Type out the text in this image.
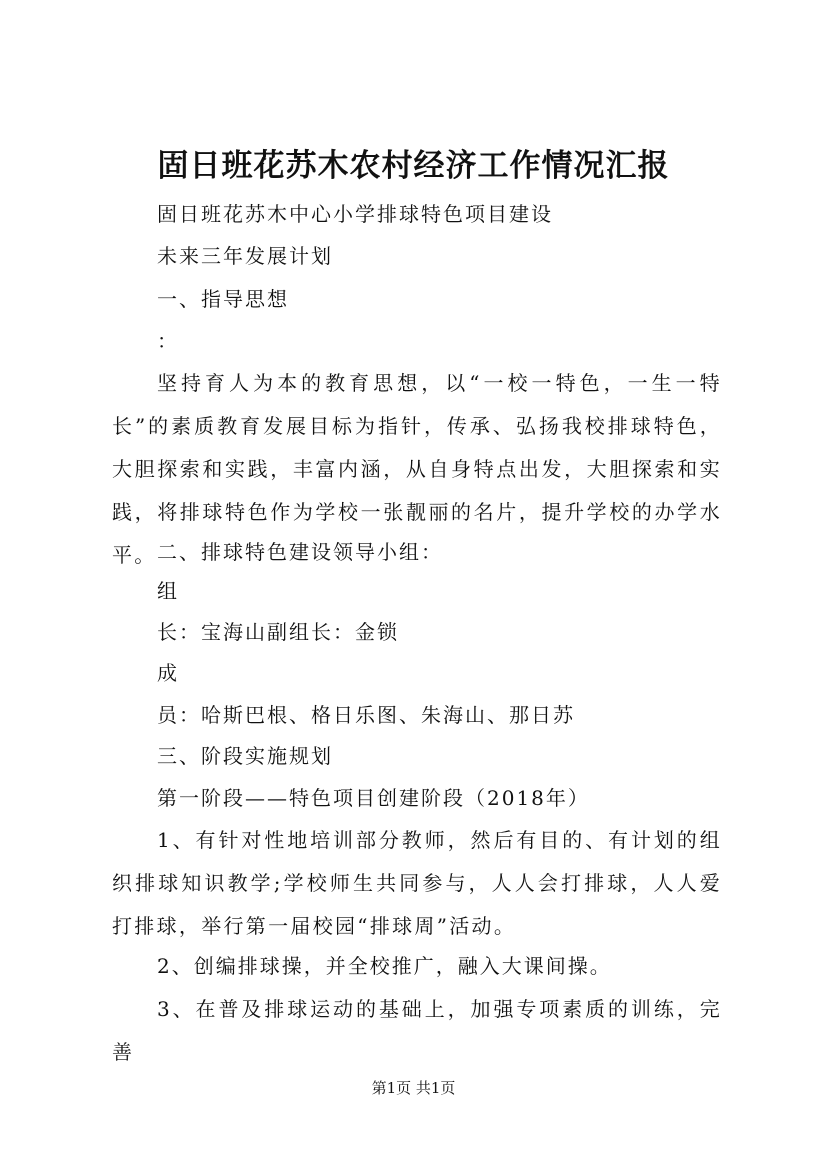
固日班花苏木农村经济工作情况汇报

固日班花苏木中心小学排球特色项目建设

未来三年发展计划

一、指导思想

：

坚持育人为本的教育思想，以“一校一特色，一生一特长”的素质教育发展目标为指针，传承、弘扬我校排球特色，大胆探索和实践，丰富内涵，从自身特点出发，大胆探索和实践，将排球特色作为学校一张靓丽的名片，提升学校的办学水平。 二、排球特色建设领导小组：

组

长：宝海山副组长：金锁

成

员：哈斯巴根、格日乐图、朱海山、那日苏

三、阶段实施规划

第一阶段——特色项目创建阶段（2018年）

1、有针对性地培训部分教师，然后有目的、有计划的组织排球知识教学;学校师生共同参与，人人会打排球，人人爱打排球，举行第一届校园“排球周”活动。

2、创编排球操，并全校推广，融入大课间操。

3、在普及排球运动的基础上，加强专项素质的训练，完善

第1页 共1页
